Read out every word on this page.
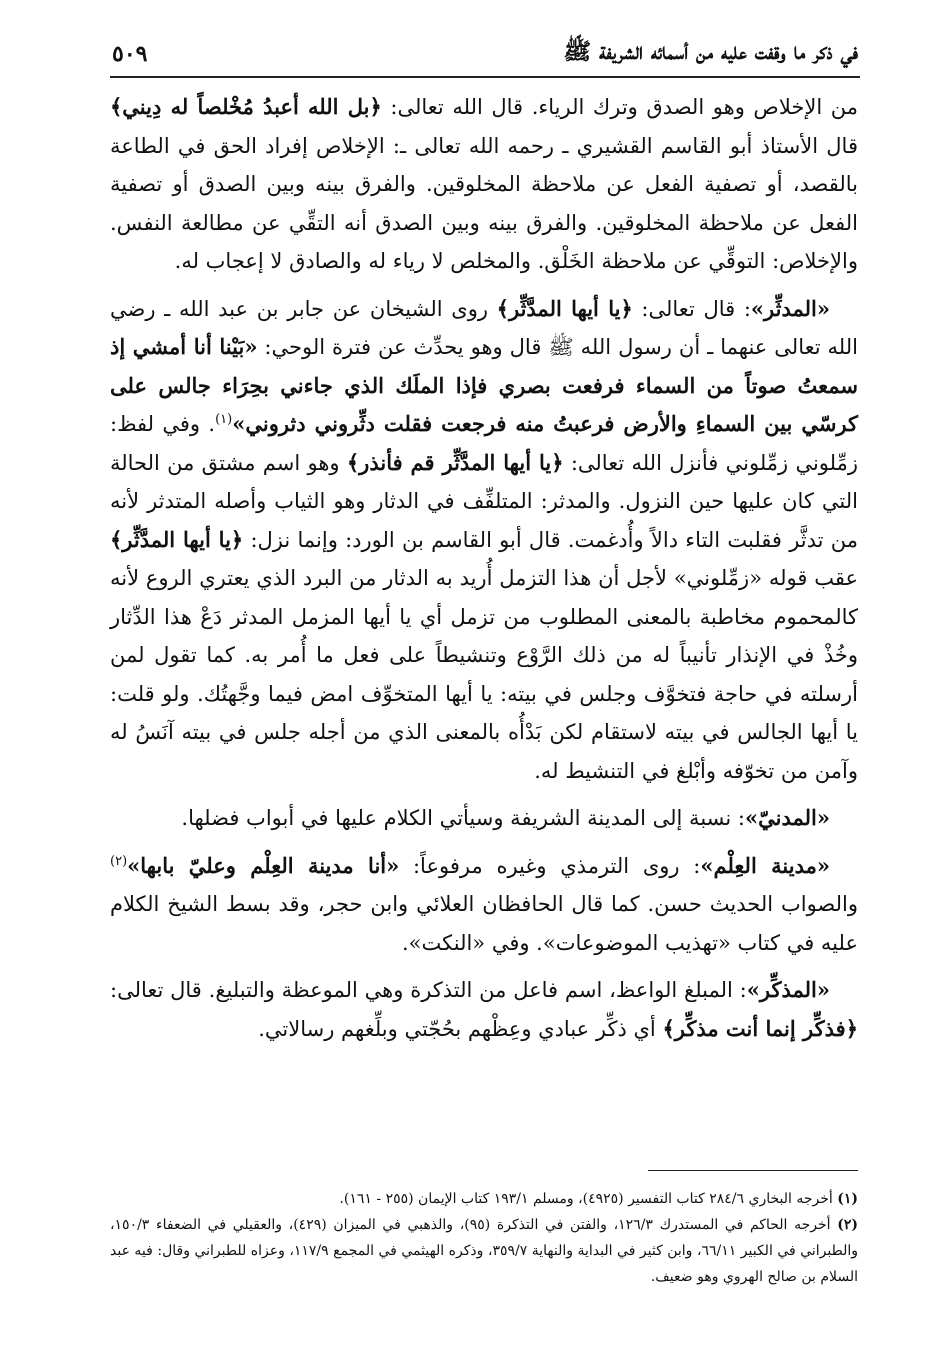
في ذكر ما وقفت عليه من أسمائه الشريفة ﷺ
٥٠٩

من الإخلاص وهو الصدق وترك الرياء. قال الله تعالى: ﴿بل الله أعبدُ مُخْلصاً له دِيني﴾ قال الأستاذ أبو القاسم القشيري ـ رحمه الله تعالى ـ: الإخلاص إفراد الحق في الطاعة بالقصد، أو تصفية الفعل عن ملاحظة المخلوقين. والفرق بينه وبين الصدق أو تصفية الفعل عن ملاحظة المخلوقين. والفرق بينه وبين الصدق أنه التقِّي عن مطالعة النفس. والإخلاص: التوقِّي عن ملاحظة الخَلْق. والمخلص لا رياء له والصادق لا إعجاب له.

«المدثِّر»: قال تعالى: ﴿يا أيها المدَّثِّر﴾ روى الشيخان عن جابر بن عبد الله ـ رضي الله تعالى عنهما ـ أن رسول الله ﷺ قال وهو يحدِّث عن فترة الوحي: «بَيْنا أنا أمشي إذ سمعتُ صوتاً من السماء فرفعت بصري فإذا الملَك الذي جاءني بحِرَاء جالس على كرسّي بين السماءِ والأرض فرعبتُ منه فرجعت فقلت دثِّروني دثروني»$^{(١)}$. وفي لفظ: زمِّلوني زمِّلوني فأنزل الله تعالى: ﴿يا أيها المدَّثِّر قم فأنذر﴾ وهو اسم مشتق من الحالة التي كان عليها حين النزول. والمدثر: المتلفِّف في الدثار وهو الثياب وأصله المتدثر لأنه من تدثَّر فقلبت التاء دالاً وأُدغمت. قال أبو القاسم بن الورد: وإنما نزل: ﴿يا أيها المدَّثِّر﴾ عقب قوله «زمِّلوني» لأجل أن هذا التزمل أُريد به الدثار من البرد الذي يعتري الروع لأنه كالمحموم مخاطبة بالمعنى المطلوب من تزمل أي يا أيها المزمل المدثر دَعْ هذا الدِّثار وخُذْ في الإنذار تأنيباً له من ذلك الرَّوْع وتنشيطاً على فعل ما أُمر به. كما تقول لمن أرسلته في حاجة فتخوَّف وجلس في بيته: يا أيها المتخوِّف امض فيما وجَّهتُك. ولو قلت: يا أيها الجالس في بيته لاستقام لكن بَدْأُه بالمعنى الذي من أجله جلس في بيته آنَسُ له وآمن من تخوّفه وأبْلغ في التنشيط له.

«المدنيّ»: نسبة إلى المدينة الشريفة وسيأتي الكلام عليها في أبواب فضلها.

«مدينة العِلْم»: روى الترمذي وغيره مرفوعاً: «أنا مدينة العِلْم وعليّ بابها»$^{(٢)}$ والصواب الحديث حسن. كما قال الحافظان العلائي وابن حجر، وقد بسط الشيخ الكلام عليه في كتاب «تهذيب الموضوعات». وفي «النكت».

«المذكِّر»: المبلغ الواعظ، اسم فاعل من التذكرة وهي الموعظة والتبليغ. قال تعالى: ﴿فذكِّر إنما أنت مذكِّر﴾ أي ذكِّر عبادي وعِظْهم بحُجّتي وبلِّغهم رسالاتي.

(١) أخرجه البخاري ٢٨٤/٦ كتاب التفسير (٤٩٢٥)، ومسلم ١٩٣/١ كتاب الإيمان (٢٥٥ - ١٦١).

(٢) أخرجه الحاكم في المستدرك ١٢٦/٣، والفتن في التذكرة (٩٥)، والذهبي في الميزان (٤٢٩)، والعقيلي في الضعفاء ١٥٠/٣، والطبراني في الكبير ٦٦/١١، وابن كثير في البداية والنهاية ٣٥٩/٧، وذكره الهيثمي في المجمع ١١٧/٩، وعزاه للطبراني وقال: فيه عبد السلام بن صالح الهروي وهو ضعيف.
